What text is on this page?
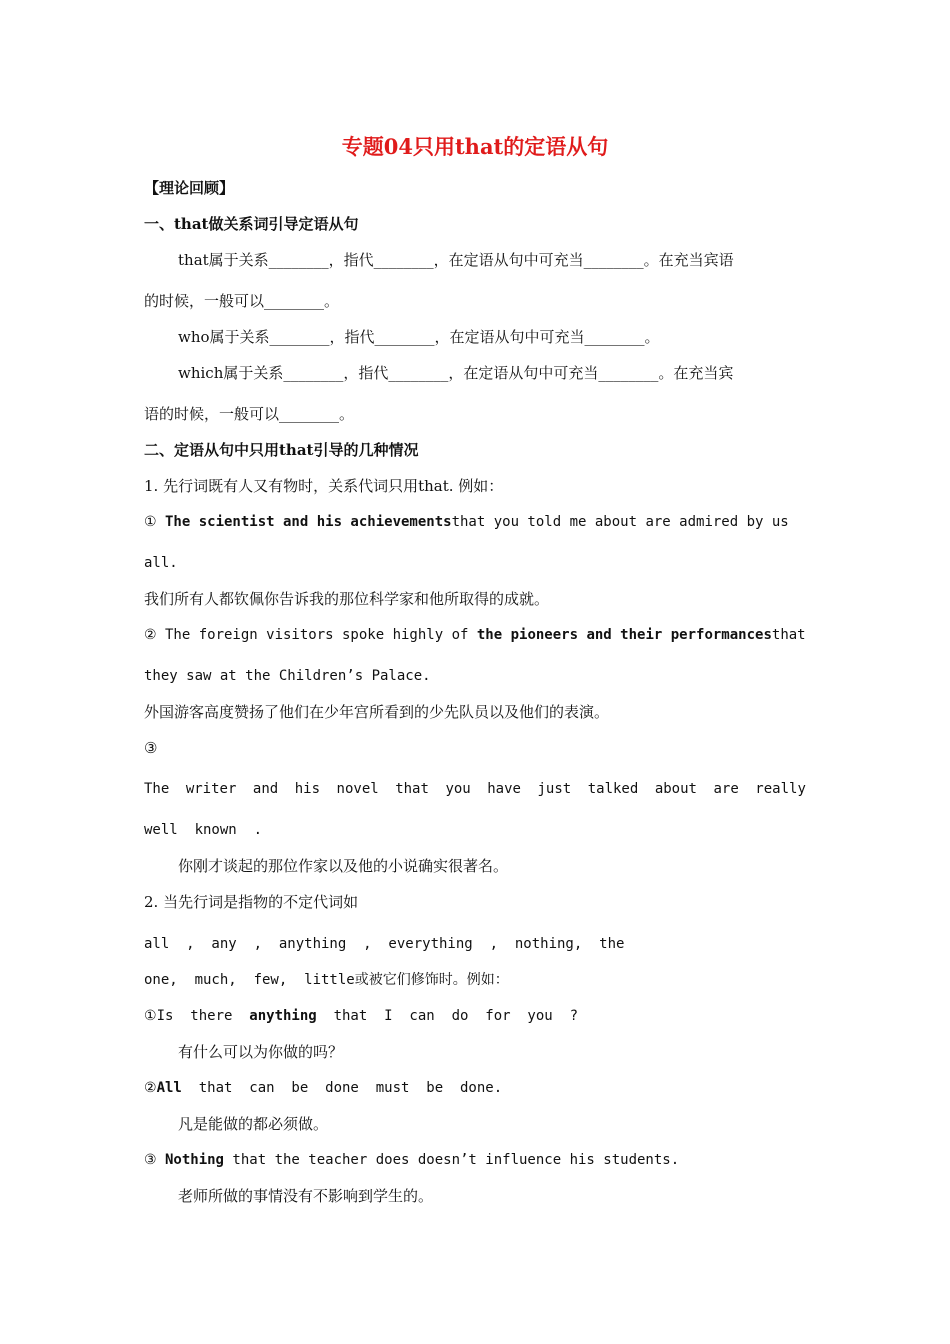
专题04只用that的定语从句
【理论回顾】
一、that做关系词引导定语从句
that属于关系________，指代________，在定语从句中可充当________。在充当宾语
的时候，一般可以________。
who属于关系________，指代________，在定语从句中可充当________。
which属于关系________，指代________，在定语从句中可充当________。在充当宾
语的时候，一般可以________。
二、定语从句中只用that引导的几种情况
1. 先行词既有人又有物时，关系代词只用that. 例如：
① The scientist and his achievementsthat you told me about are admired by us
all.
我们所有人都钦佩你告诉我的那位科学家和他所取得的成就。
② The foreign visitors spoke highly of the pioneers and their performancesthat
they saw at the Children’s Palace.
外国游客高度赞扬了他们在少年宫所看到的少先队员以及他们的表演。
③
The writer and his novel that you have just talked about are really
well  known  .
你刚才谈起的那位作家以及他的小说确实很著名。
2. 当先行词是指物的不定代词如
all  ,  any  ,  anything  ,  everything  ,  nothing,  the
one,  much,  few,  little或被它们修饰时。例如：
①Is  there  anything  that  I  can  do  for  you  ?
有什么可以为你做的吗？
②All  that  can  be  done  must  be  done.
凡是能做的都必须做。
③ Nothing that the teacher does doesn’t influence his students.
老师所做的事情没有不影响到学生的。
